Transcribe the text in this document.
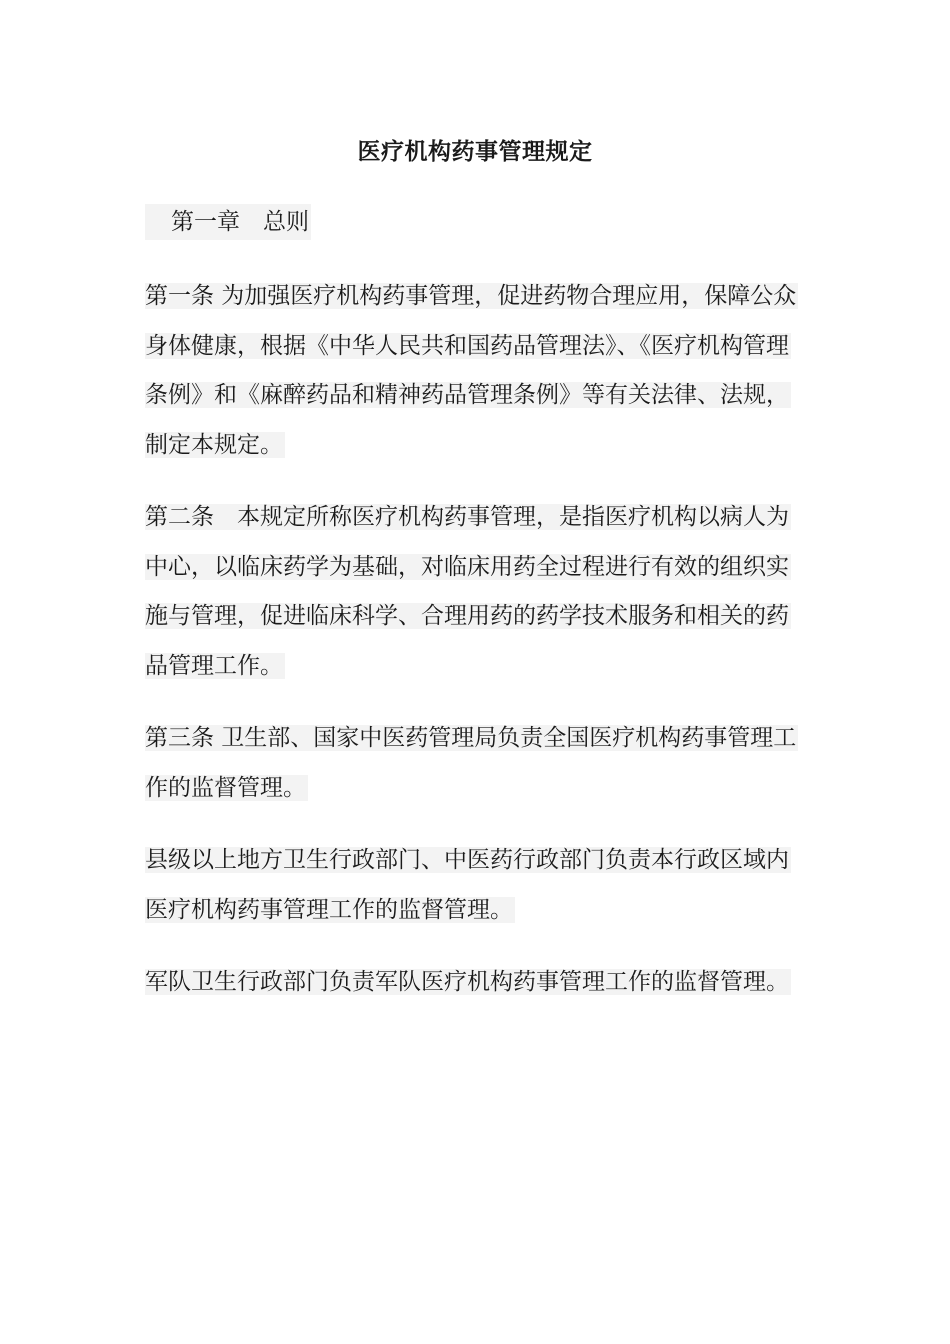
医疗机构药事管理规定
第一章　总则
第一条 为加强医疗机构药事管理，促进药物合理应用，保障公众身体健康，根据《中华人民共和国药品管理法》、《医疗机构管理条例》和《麻醉药品和精神药品管理条例》等有关法律、法规，制定本规定。
第二条　本规定所称医疗机构药事管理，是指医疗机构以病人为中心，以临床药学为基础，对临床用药全过程进行有效的组织实施与管理，促进临床科学、合理用药的药学技术服务和相关的药品管理工作。
第三条 卫生部、国家中医药管理局负责全国医疗机构药事管理工作的监督管理。
县级以上地方卫生行政部门、中医药行政部门负责本行政区域内医疗机构药事管理工作的监督管理。
军队卫生行政部门负责军队医疗机构药事管理工作的监督管理。
